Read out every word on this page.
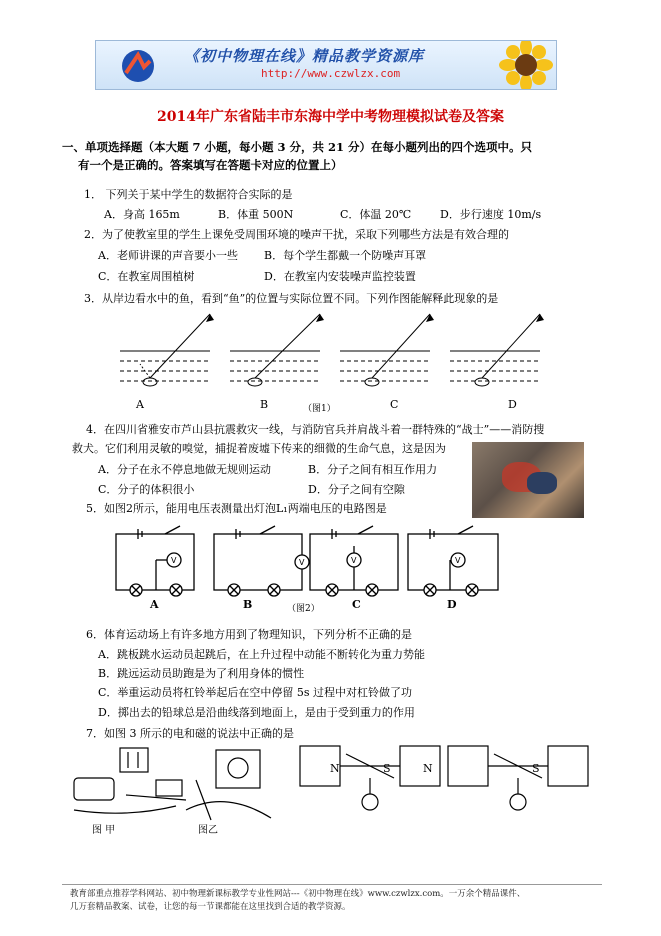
《初中物理在线》精品教学资源库
http://www.czwlzx.com
2014年广东省陆丰市东海中学中考物理模拟试卷及答案
一、单项选择题（本大题 7 小题，每小题 3 分，共 21 分）在每小题列出的四个选项中。只
有一个是正确的。答案填写在答题卡对应的位置上）
1． 下列关于某中学生的数据符合实际的是
A．身高 165m	B．体重 500N	C．体温 20℃	D．步行速度 10m/s
2．为了使教室里的学生上课免受周围环境的噪声干扰，采取下列哪些方法是有效合理的
A．老师讲课的声音要小一些 B．每个学生都戴一个防噪声耳罩
C．在教室周围植树	D．在教室内安装噪声监控装置
3．从岸边看水中的鱼，看到“鱼”的位置与实际位置不同。下列作图能解释此现象的是
A	B	（图1）	C	D
4．在四川省雅安市芦山县抗震救灾一线，与消防官兵并肩战斗着一群特殊的“战士”——消防搜
救犬。它们利用灵敏的嗅觉，捕捉着废墟下传来的细微的生命气息，这是因为
A．分子在永不停息地做无规则运动	B．分子之间有相互作用力
C．分子的体积很小	D．分子之间有空隙
5．如图2所示，能用电压表测量出灯泡L₁两端电压的电路图是
V	V	V	V
A	B	（图2）	C	D
6．体育运动场上有许多地方用到了物理知识，下列分析不正确的是
A．跳板跳水运动员起跳后，在上升过程中动能不断转化为重力势能
B．跳远运动员助跑是为了利用身体的惯性
C．举重运动员将杠铃举起后在空中停留 5s 过程中对杠铃做了功
D．掷出去的铅球总是沿曲线落到地面上，是由于受到重力的作用
7．如图 3 所示的电和磁的说法中正确的是
图 甲	图乙
N	S	N	S
教育部重点推荐学科网站、初中物理新课标教学专业性网站---《初中物理在线》www.czwlzx.com。一万余个精品课件、
几万套精品教案、试卷，让您的每一节课都能在这里找到合适的教学资源。
